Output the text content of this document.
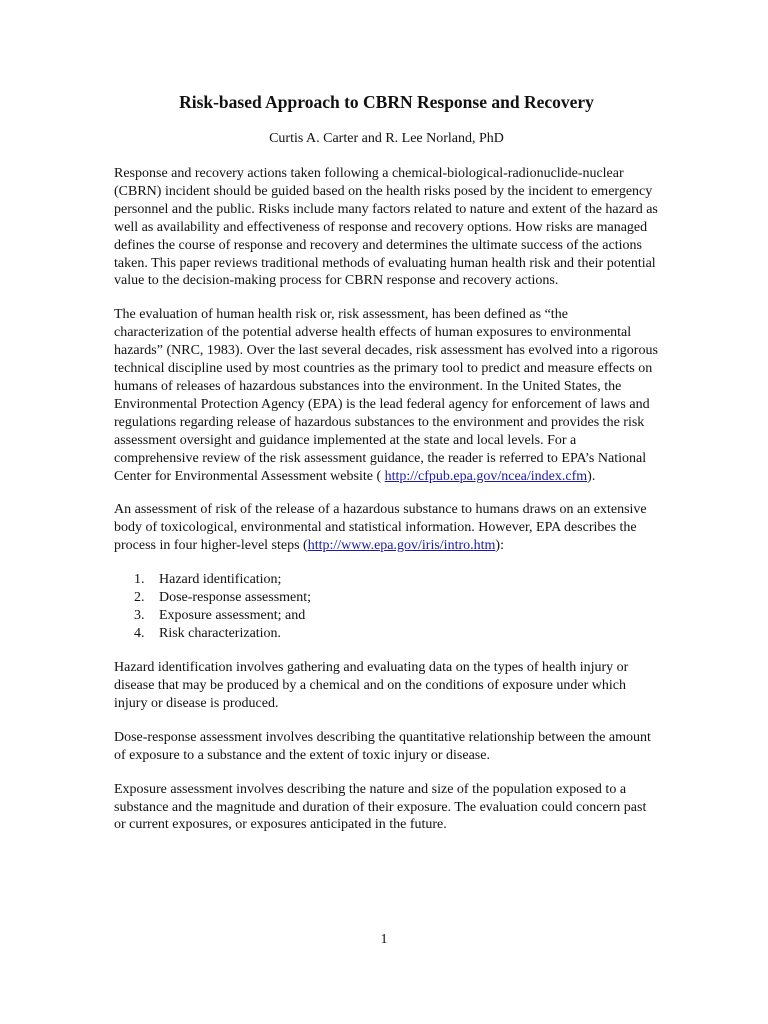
Risk-based Approach to CBRN Response and Recovery

Curtis A. Carter and R. Lee Norland, PhD

Response and recovery actions taken following a chemical-biological-radionuclide-nuclear (CBRN) incident should be guided based on the health risks posed by the incident to emergency personnel and the public. Risks include many factors related to nature and extent of the hazard as well as availability and effectiveness of response and recovery options. How risks are managed defines the course of response and recovery and determines the ultimate success of the actions taken. This paper reviews traditional methods of evaluating human health risk and their potential value to the decision-making process for CBRN response and recovery actions.

The evaluation of human health risk or, risk assessment, has been defined as “the characterization of the potential adverse health effects of human exposures to environmental hazards” (NRC, 1983). Over the last several decades, risk assessment has evolved into a rigorous technical discipline used by most countries as the primary tool to predict and measure effects on humans of releases of hazardous substances into the environment. In the United States, the Environmental Protection Agency (EPA) is the lead federal agency for enforcement of laws and regulations regarding release of hazardous substances to the environment and provides the risk assessment oversight and guidance implemented at the state and local levels. For a comprehensive review of the risk assessment guidance, the reader is referred to EPA’s National Center for Environmental Assessment website ( http://cfpub.epa.gov/ncea/index.cfm).

An assessment of risk of the release of a hazardous substance to humans draws on an extensive body of toxicological, environmental and statistical information. However, EPA describes the process in four higher-level steps (http://www.epa.gov/iris/intro.htm):

1.	Hazard identification;
2.	Dose-response assessment;
3.	Exposure assessment; and
4.	Risk characterization.

Hazard identification involves gathering and evaluating data on the types of health injury or disease that may be produced by a chemical and on the conditions of exposure under which injury or disease is produced.

Dose-response assessment involves describing the quantitative relationship between the amount of exposure to a substance and the extent of toxic injury or disease.

Exposure assessment involves describing the nature and size of the population exposed to a substance and the magnitude and duration of their exposure. The evaluation could concern past or current exposures, or exposures anticipated in the future.

1
